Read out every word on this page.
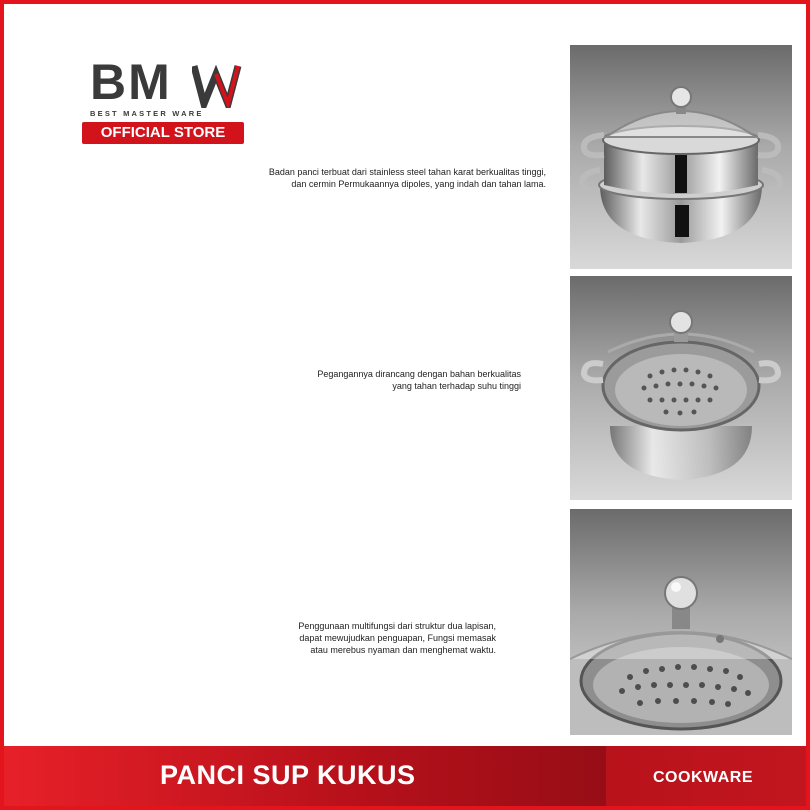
BM
BEST MASTER WARE
OFFICIAL STORE
Badan panci terbuat dari stainless steel tahan karat berkualitas tinggi,
dan cermin Permukaannya dipoles, yang indah dan tahan lama.
Pegangannya dirancang dengan bahan berkualitas
yang tahan terhadap suhu tinggi
Penggunaan multifungsi dari struktur dua lapisan,
dapat mewujudkan penguapan, Fungsi memasak
atau merebus nyaman dan menghemat waktu.
PANCI SUP KUKUS	COOKWARE
